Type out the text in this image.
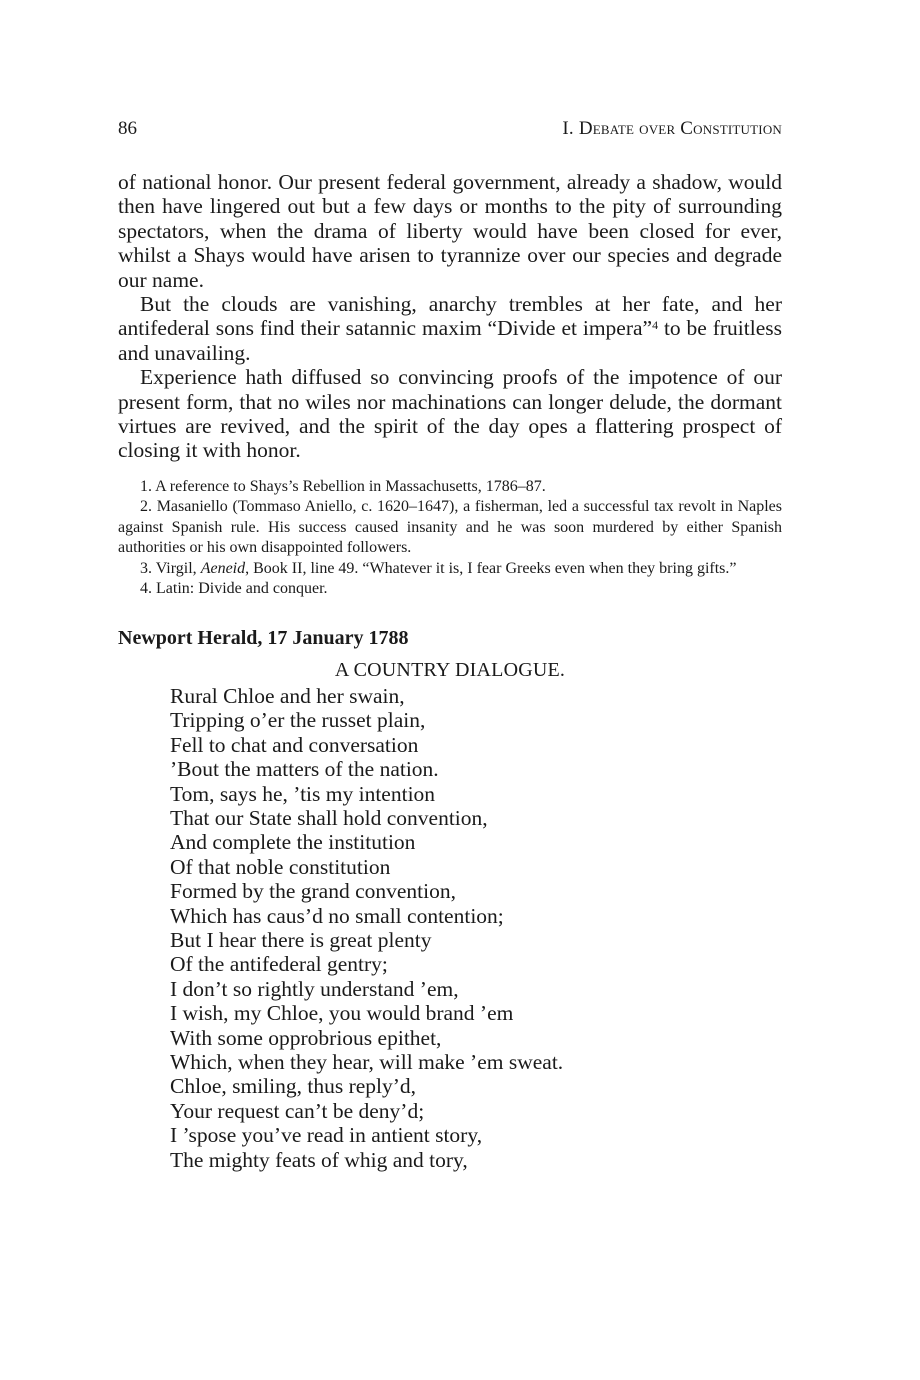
86	I. Debate over Constitution

of national honor. Our present federal government, already a shadow, would then have lingered out but a few days or months to the pity of surrounding spectators, when the drama of liberty would have been closed for ever, whilst a Shays would have arisen to tyrannize over our species and degrade our name.

But the clouds are vanishing, anarchy trembles at her fate, and her antifederal sons find their satannic maxim “Divide et impera”$^4$ to be fruitless and unavailing.

Experience hath diffused so convincing proofs of the impotence of our present form, that no wiles nor machinations can longer delude, the dormant virtues are revived, and the spirit of the day opes a flattering prospect of closing it with honor.

1. A reference to Shays’s Rebellion in Massachusetts, 1786–87.

2. Masaniello (Tommaso Aniello, c. 1620–1647), a fisherman, led a successful tax revolt in Naples against Spanish rule. His success caused insanity and he was soon murdered by either Spanish authorities or his own disappointed followers.

3. Virgil, Aeneid, Book II, line 49. “Whatever it is, I fear Greeks even when they bring gifts.”

4. Latin: Divide and conquer.

Newport Herald, 17 January 1788
A COUNTRY DIALOGUE.
Rural Chloe and her swain,
Tripping o’er the russet plain,
Fell to chat and conversation
’Bout the matters of the nation.
Tom, says he, ’tis my intention
That our State shall hold convention,
And complete the institution
Of that noble constitution
Formed by the grand convention,
Which has caus’d no small contention;
But I hear there is great plenty
Of the antifederal gentry;
I don’t so rightly understand ’em,
I wish, my Chloe, you would brand ’em
With some opprobrious epithet,
Which, when they hear, will make ’em sweat.
Chloe, smiling, thus reply’d,
Your request can’t be deny’d;
I ’spose you’ve read in antient story,
The mighty feats of whig and tory,
